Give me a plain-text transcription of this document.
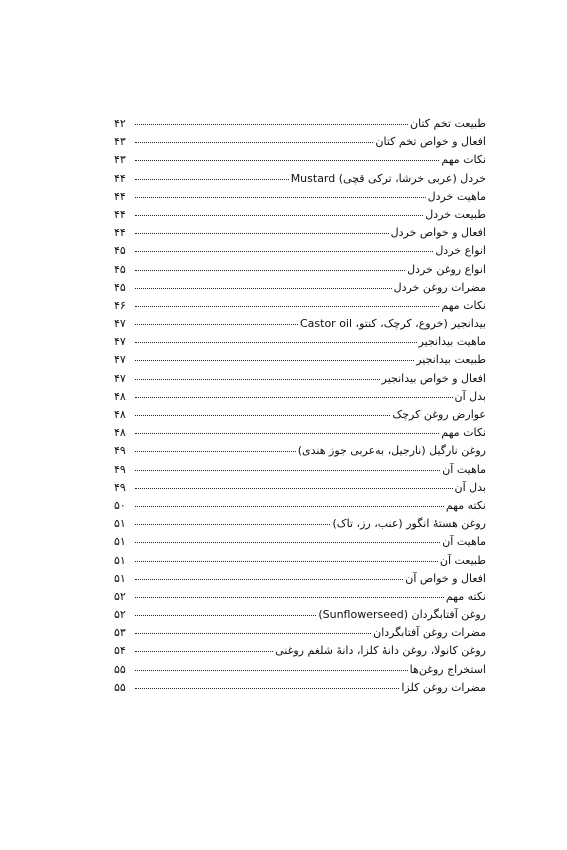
طبیعت تخم کتان
۴۲
افعال و خواص تخم کتان
۴۳
نکات مهم
۴۳
خردل (عربی خرشا، ترکی قچی) Mustard
۴۴
ماهیت خردل
۴۴
طبیعت خردل
۴۴
افعال و خواص خردل
۴۴
انواع خردل
۴۵
انواع روغن خردل
۴۵
مضرات روغن خردل
۴۵
نکات مهم
۴۶
بیدانجیر (خروع، کرچک، کنتو، Castor oil
۴۷
ماهیت بیدانجیر
۴۷
طبیعت بیدانجیر
۴۷
افعال و خواص بیدانجیر
۴۷
بدل آن
۴۸
عوارض روغن کرچک
۴۸
نکات مهم
۴۸
روغن نارگیل (نارجیل، به‌عربی جوز هندی)
۴۹
ماهیت آن
۴۹
بدل آن
۴۹
نکته مهم
۵۰
روغن هستهٔ انگور (عنب، رز، تاک)
۵۱
ماهیت آن
۵۱
طبیعت آن
۵۱
افعال و خواص آن
۵۱
نکته مهم
۵۲
روغن آفتابگردان (Sunflowerseed)
۵۲
مضرات روغن آفتابگردان
۵۳
روغن کانولا، روغن دانهٔ کلزا، دانهٔ شلغم روغنی
۵۴
استخراج روغن‌ها
۵۵
مضرات روغن کلزا
۵۵
